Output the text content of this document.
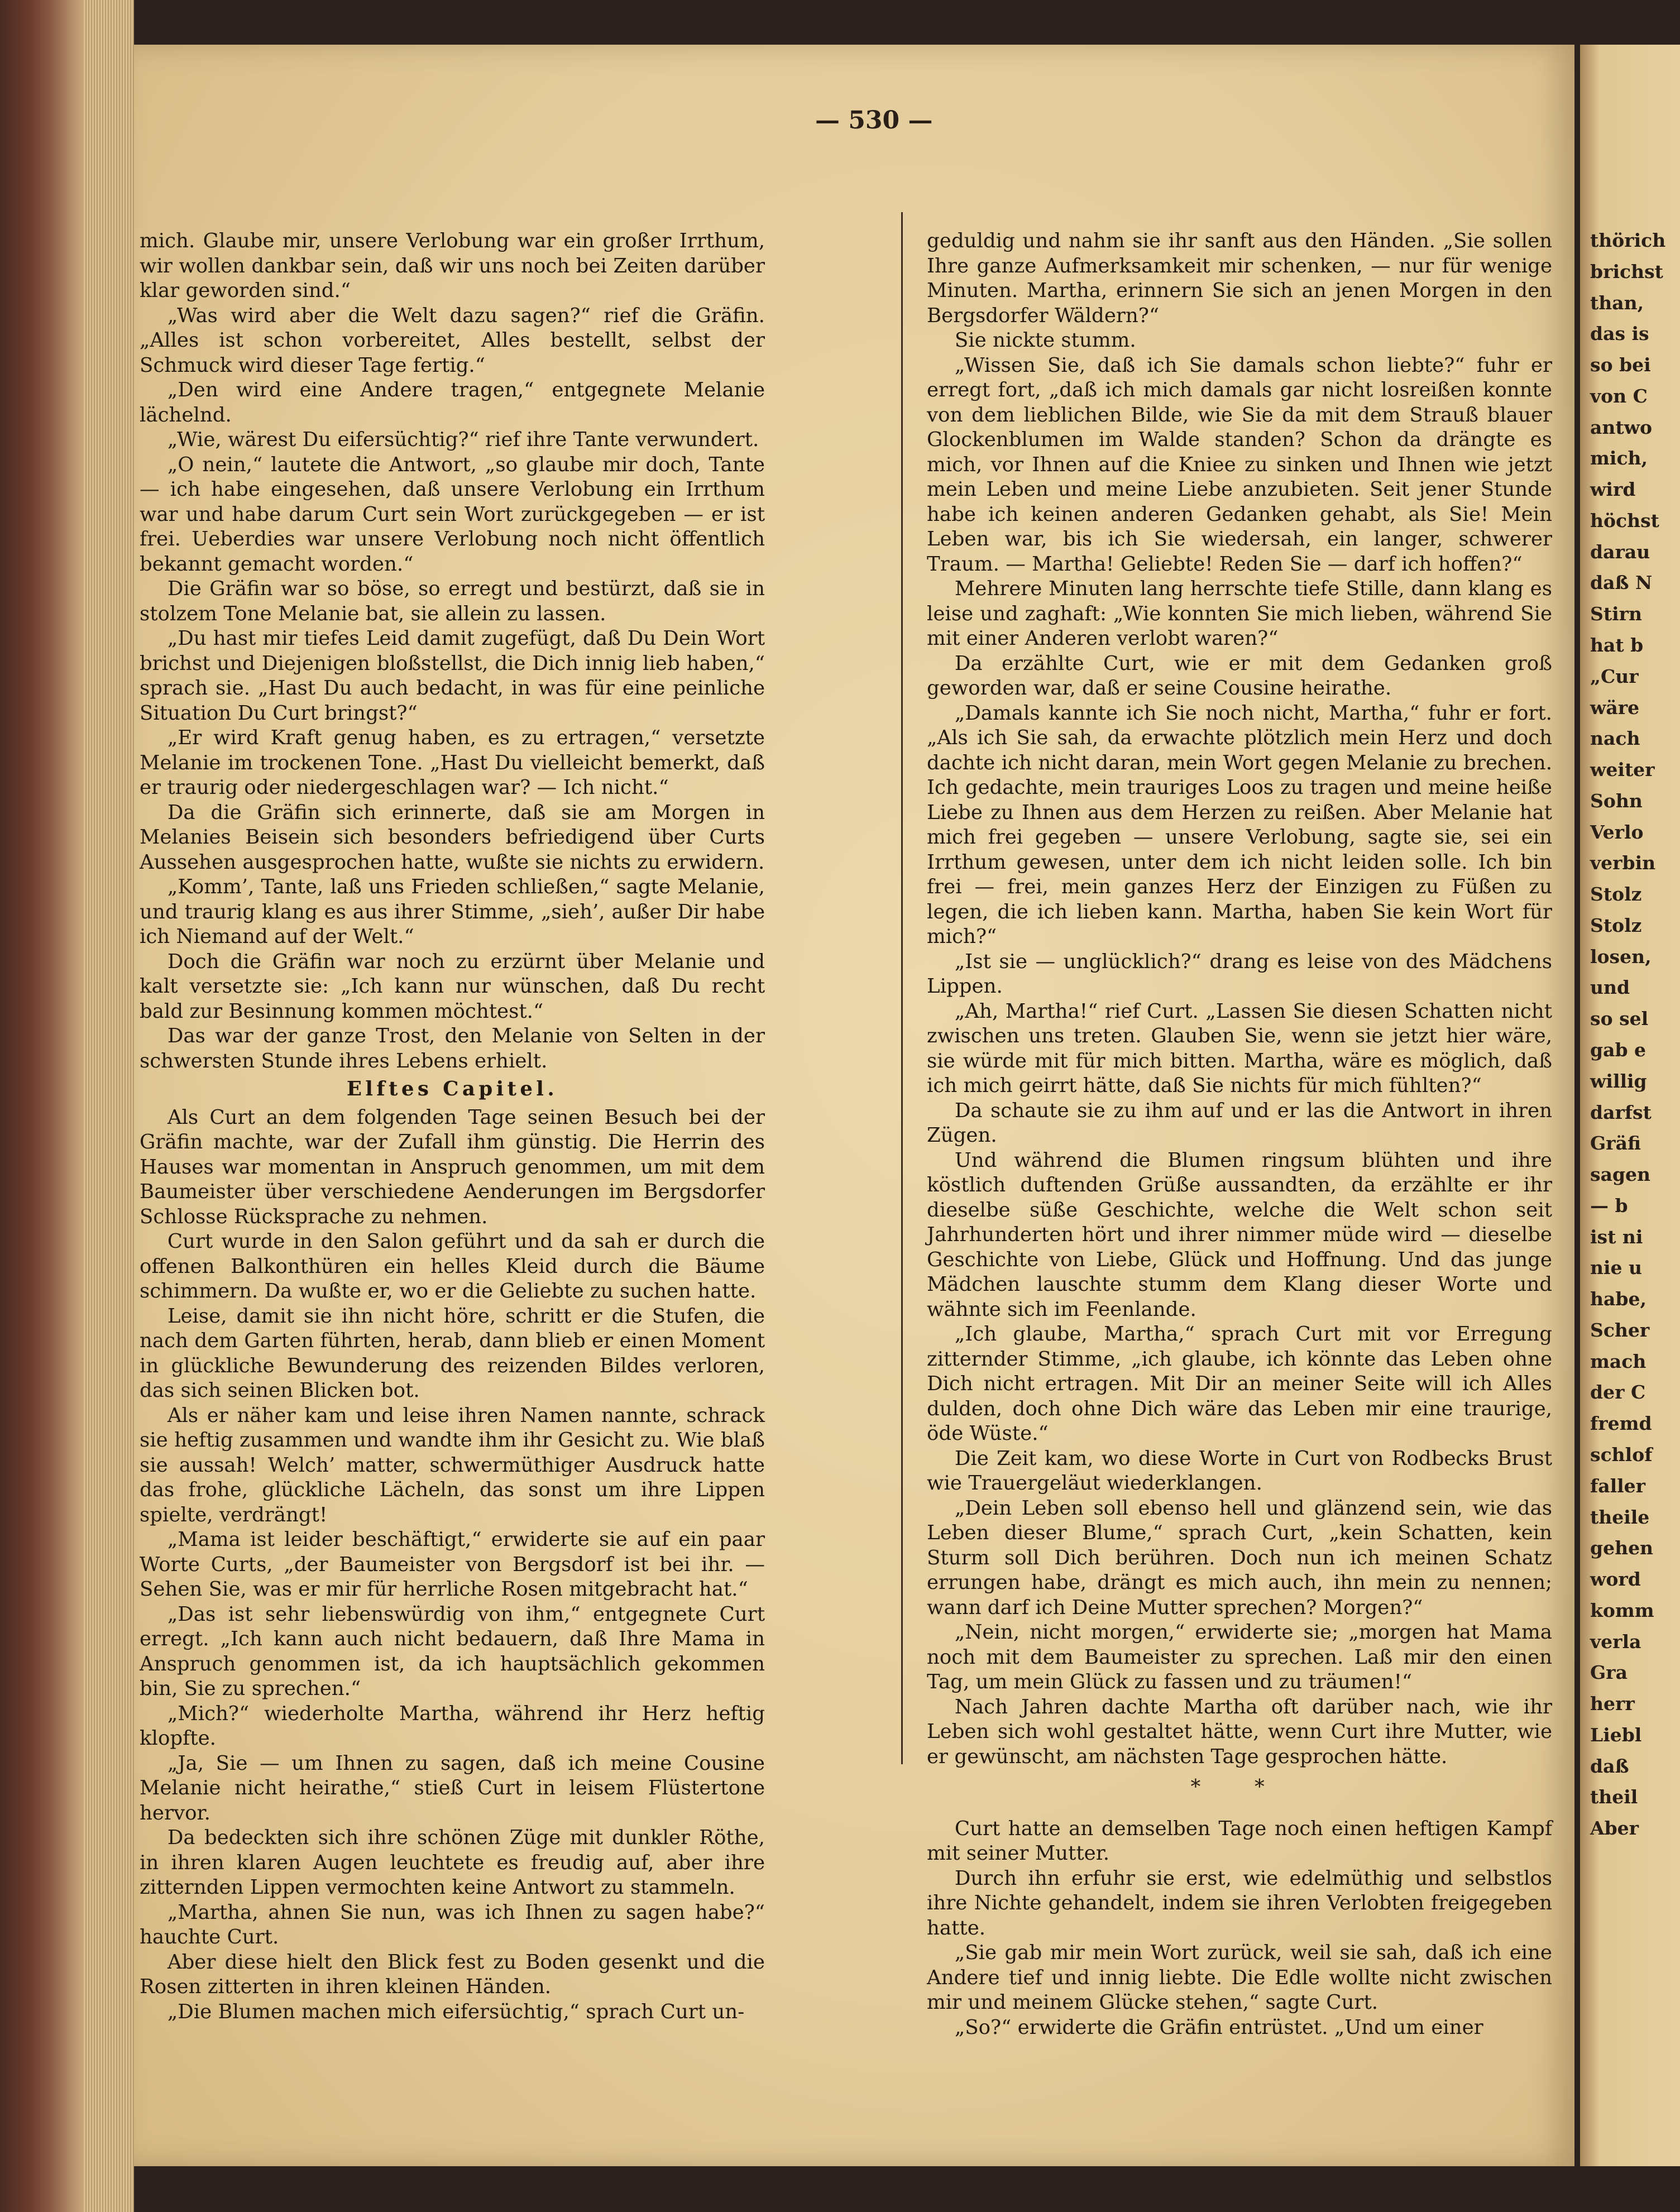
— 530 —

mich. Glaube mir, unsere Verlobung war ein großer Irrthum, wir wollen dankbar sein, daß wir uns noch bei Zeiten darüber klar geworden sind.“

„Was wird aber die Welt dazu sagen?“ rief die Gräfin. „Alles ist schon vorbereitet, Alles bestellt, selbst der Schmuck wird dieser Tage fertig.“

„Den wird eine Andere tragen,“ entgegnete Melanie lächelnd.

„Wie, wärest Du eifersüchtig?“ rief ihre Tante verwundert.

„O nein,“ lautete die Antwort, „so glaube mir doch, Tante — ich habe eingesehen, daß unsere Verlobung ein Irrthum war und habe darum Curt sein Wort zurückgegeben — er ist frei. Ueberdies war unsere Verlobung noch nicht öffentlich bekannt gemacht worden.“

Die Gräfin war so böse, so erregt und bestürzt, daß sie in stolzem Tone Melanie bat, sie allein zu lassen.

„Du hast mir tiefes Leid damit zugefügt, daß Du Dein Wort brichst und Diejenigen bloßstellst, die Dich innig lieb haben,“ sprach sie. „Hast Du auch bedacht, in was für eine peinliche Situation Du Curt bringst?“

„Er wird Kraft genug haben, es zu ertragen,“ versetzte Melanie im trockenen Tone. „Hast Du vielleicht bemerkt, daß er traurig oder niedergeschlagen war? — Ich nicht.“

Da die Gräfin sich erinnerte, daß sie am Morgen in Melanies Beisein sich besonders befriedigend über Curts Aussehen ausgesprochen hatte, wußte sie nichts zu erwidern.

„Komm’, Tante, laß uns Frieden schließen,“ sagte Melanie, und traurig klang es aus ihrer Stimme, „sieh’, außer Dir habe ich Niemand auf der Welt.“

Doch die Gräfin war noch zu erzürnt über Melanie und kalt versetzte sie: „Ich kann nur wünschen, daß Du recht bald zur Besinnung kommen möchtest.“

Das war der ganze Trost, den Melanie von Selten in der schwersten Stunde ihres Lebens erhielt.

Elftes Capitel.

Als Curt an dem folgenden Tage seinen Besuch bei der Gräfin machte, war der Zufall ihm günstig. Die Herrin des Hauses war momentan in Anspruch genommen, um mit dem Baumeister über verschiedene Aenderungen im Bergsdorfer Schlosse Rücksprache zu nehmen.

Curt wurde in den Salon geführt und da sah er durch die offenen Balkonthüren ein helles Kleid durch die Bäume schimmern. Da wußte er, wo er die Geliebte zu suchen hatte.

Leise, damit sie ihn nicht höre, schritt er die Stufen, die nach dem Garten führten, herab, dann blieb er einen Moment in glückliche Bewunderung des reizenden Bildes verloren, das sich seinen Blicken bot.

Als er näher kam und leise ihren Namen nannte, schrack sie heftig zusammen und wandte ihm ihr Gesicht zu. Wie blaß sie aussah! Welch’ matter, schwermüthiger Ausdruck hatte das frohe, glückliche Lächeln, das sonst um ihre Lippen spielte, verdrängt!

„Mama ist leider beschäftigt,“ erwiderte sie auf ein paar Worte Curts, „der Baumeister von Bergsdorf ist bei ihr. — Sehen Sie, was er mir für herrliche Rosen mitgebracht hat.“

„Das ist sehr liebenswürdig von ihm,“ entgegnete Curt erregt. „Ich kann auch nicht bedauern, daß Ihre Mama in Anspruch genommen ist, da ich hauptsächlich gekommen bin, Sie zu sprechen.“

„Mich?“ wiederholte Martha, während ihr Herz heftig klopfte.

„Ja, Sie — um Ihnen zu sagen, daß ich meine Cousine Melanie nicht heirathe,“ stieß Curt in leisem Flüstertone hervor.

Da bedeckten sich ihre schönen Züge mit dunkler Röthe, in ihren klaren Augen leuchtete es freudig auf, aber ihre zitternden Lippen vermochten keine Antwort zu stammeln.

„Martha, ahnen Sie nun, was ich Ihnen zu sagen habe?“ hauchte Curt.

Aber diese hielt den Blick fest zu Boden gesenkt und die Rosen zitterten in ihren kleinen Händen.

„Die Blumen machen mich eifersüchtig,“ sprach Curt un-

geduldig und nahm sie ihr sanft aus den Händen. „Sie sollen Ihre ganze Aufmerksamkeit mir schenken, — nur für wenige Minuten. Martha, erinnern Sie sich an jenen Morgen in den Bergsdorfer Wäldern?“

Sie nickte stumm.

„Wissen Sie, daß ich Sie damals schon liebte?“ fuhr er erregt fort, „daß ich mich damals gar nicht losreißen konnte von dem lieblichen Bilde, wie Sie da mit dem Strauß blauer Glockenblumen im Walde standen? Schon da drängte es mich, vor Ihnen auf die Kniee zu sinken und Ihnen wie jetzt mein Leben und meine Liebe anzubieten. Seit jener Stunde habe ich keinen anderen Gedanken gehabt, als Sie! Mein Leben war, bis ich Sie wiedersah, ein langer, schwerer Traum. — Martha! Geliebte! Reden Sie — darf ich hoffen?“

Mehrere Minuten lang herrschte tiefe Stille, dann klang es leise und zaghaft: „Wie konnten Sie mich lieben, während Sie mit einer Anderen verlobt waren?“

Da erzählte Curt, wie er mit dem Gedanken groß geworden war, daß er seine Cousine heirathe.

„Damals kannte ich Sie noch nicht, Martha,“ fuhr er fort. „Als ich Sie sah, da erwachte plötzlich mein Herz und doch dachte ich nicht daran, mein Wort gegen Melanie zu brechen. Ich gedachte, mein trauriges Loos zu tragen und meine heiße Liebe zu Ihnen aus dem Herzen zu reißen. Aber Melanie hat mich frei gegeben — unsere Verlobung, sagte sie, sei ein Irrthum gewesen, unter dem ich nicht leiden solle. Ich bin frei — frei, mein ganzes Herz der Einzigen zu Füßen zu legen, die ich lieben kann. Martha, haben Sie kein Wort für mich?“

„Ist sie — unglücklich?“ drang es leise von des Mädchens Lippen.

„Ah, Martha!“ rief Curt. „Lassen Sie diesen Schatten nicht zwischen uns treten. Glauben Sie, wenn sie jetzt hier wäre, sie würde mit für mich bitten. Martha, wäre es möglich, daß ich mich geirrt hätte, daß Sie nichts für mich fühlten?“

Da schaute sie zu ihm auf und er las die Antwort in ihren Zügen.

Und während die Blumen ringsum blühten und ihre köstlich duftenden Grüße aussandten, da erzählte er ihr dieselbe süße Geschichte, welche die Welt schon seit Jahrhunderten hört und ihrer nimmer müde wird — dieselbe Geschichte von Liebe, Glück und Hoffnung. Und das junge Mädchen lauschte stumm dem Klang dieser Worte und wähnte sich im Feenlande.

„Ich glaube, Martha,“ sprach Curt mit vor Erregung zitternder Stimme, „ich glaube, ich könnte das Leben ohne Dich nicht ertragen. Mit Dir an meiner Seite will ich Alles dulden, doch ohne Dich wäre das Leben mir eine traurige, öde Wüste.“

Die Zeit kam, wo diese Worte in Curt von Rodbecks Brust wie Trauergeläut wiederklangen.

„Dein Leben soll ebenso hell und glänzend sein, wie das Leben dieser Blume,“ sprach Curt, „kein Schatten, kein Sturm soll Dich berühren. Doch nun ich meinen Schatz errungen habe, drängt es mich auch, ihn mein zu nennen; wann darf ich Deine Mutter sprechen? Morgen?“

„Nein, nicht morgen,“ erwiderte sie; „morgen hat Mama noch mit dem Baumeister zu sprechen. Laß mir den einen Tag, um mein Glück zu fassen und zu träumen!“

Nach Jahren dachte Martha oft darüber nach, wie ihr Leben sich wohl gestaltet hätte, wenn Curt ihre Mutter, wie er gewünscht, am nächsten Tage gesprochen hätte.

* *

Curt hatte an demselben Tage noch einen heftigen Kampf mit seiner Mutter.

Durch ihn erfuhr sie erst, wie edelmüthig und selbstlos ihre Nichte gehandelt, indem sie ihren Verlobten freigegeben hatte.

„Sie gab mir mein Wort zurück, weil sie sah, daß ich eine Andere tief und innig liebte. Die Edle wollte nicht zwischen mir und meinem Glücke stehen,“ sagte Curt.

„So?“ erwiderte die Gräfin entrüstet. „Und um einer

thörich
brichst
than,
das is
so bei
von C
antwo
mich,
wird
höchst
darau
daß N
Stirn
hat b
„Cur
wäre
nach
weiter
Sohn
Verlo
verbin
Stolz
Stolz
losen,
und
so sel
gab e
willig
darfst
Gräfi
sagen
— b
ist ni
nie u
habe,
Scher
mach
der C
fremd
schlof
faller
theile
gehen
word
komm
verla
Gra
herr
Liebl
daß
theil
Aber
